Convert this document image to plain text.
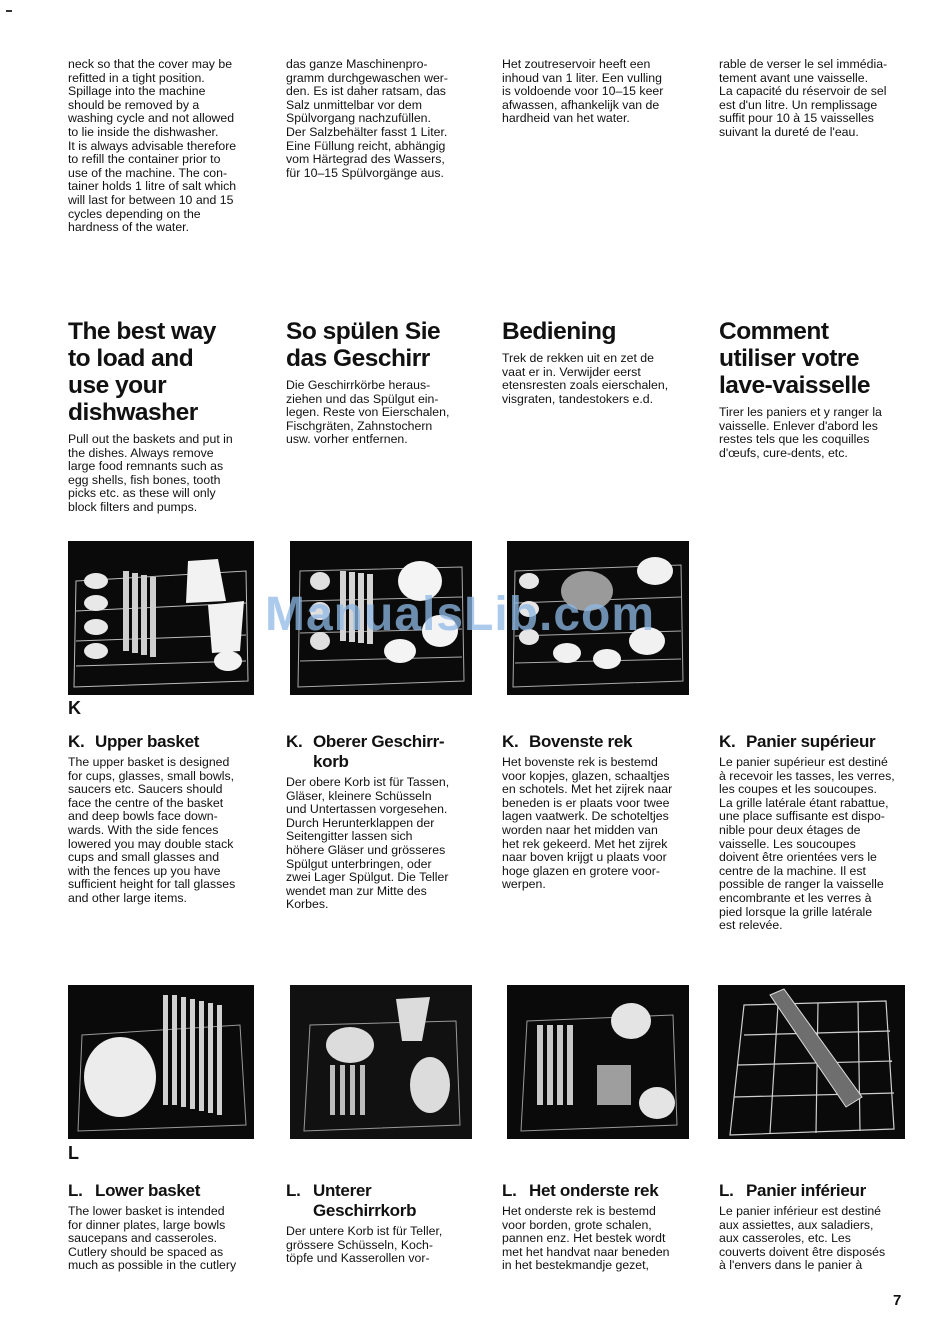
neck so that the cover may be
refitted in a tight position.
Spillage into the machine
should be removed by a
washing cycle and not allowed
to lie inside the dishwasher.
It is always advisable therefore
to refill the container prior to
use of the machine. The con-
tainer holds 1 litre of salt which
will last for between 10 and 15
cycles depending on the
hardness of the water.

das ganze Maschinenpro-
gramm durchgewaschen wer-
den. Es ist daher ratsam, das
Salz unmittelbar vor dem
Spülvorgang nachzufüllen.
Der Salzbehälter fasst 1 Liter.
Eine Füllung reicht, abhängig
vom Härtegrad des Wassers,
für 10–15 Spülvorgänge aus.

Het zoutreservoir heeft een
inhoud van 1 liter. Een vulling
is voldoende voor 10–15 keer
afwassen, afhankelijk van de
hardheid van het water.

rable de verser le sel immédia-
tement avant une vaisselle.
La capacité du réservoir de sel
est d'un litre. Un remplissage
suffit pour 10 à 15 vaisselles
suivant la dureté de l'eau.

The best way
to load and
use your
dishwasher

Pull out the baskets and put in
the dishes. Always remove
large food remnants such as
egg shells, fish bones, tooth
picks etc. as these will only
block filters and pumps.

So spülen Sie
das Geschirr

Die Geschirrkörbe heraus-
ziehen und das Spülgut ein-
legen. Reste von Eierschalen,
Fischgräten, Zahnstochern
usw. vorher entfernen.

Bediening

Trek de rekken uit en zet de
vaat er in. Verwijder eerst
etensresten zoals eierschalen,
visgraten, tandestokers e.d.

Comment
utiliser votre
lave-vaisselle

Tirer les paniers et y ranger la
vaisselle. Enlever d'abord les
restes tels que les coquilles
d'œufs, cure-dents, etc.

K
K. Upper basket

The upper basket is designed
for cups, glasses, small bowls,
saucers etc. Saucers should
face the centre of the basket
and deep bowls face down-
wards. With the side fences
lowered you may double stack
cups and small glasses and
with the fences up you have
sufficient height for tall glasses
and other large items.

K. Oberer Geschirr-
korb

Der obere Korb ist für Tassen,
Gläser, kleinere Schüsseln
und Untertassen vorgesehen.
Durch Herunterklappen der
Seitengitter lassen sich
höhere Gläser und grösseres
Spülgut unterbringen, oder
zwei Lager Spülgut. Die Teller
wendet man zur Mitte des
Korbes.

K. Bovenste rek

Het bovenste rek is bestemd
voor kopjes, glazen, schaaltjes
en schotels. Met het zijrek naar
beneden is er plaats voor twee
lagen vaatwerk. De schoteltjes
worden naar het midden van
het rek gekeerd. Met het zijrek
naar boven krijgt u plaats voor
hoge glazen en grotere voor-
werpen.

K. Panier supérieur

Le panier supérieur est destiné
à recevoir les tasses, les verres,
les coupes et les soucoupes.
La grille latérale étant rabattue,
une place suffisante est dispo-
nible pour deux étages de
vaisselle. Les soucoupes
doivent être orientées vers le
centre de la machine. Il est
possible de ranger la vaisselle
encombrante et les verres à
pied lorsque la grille latérale
est relevée.

L
L. Lower basket

The lower basket is intended
for dinner plates, large bowls
saucepans and casseroles.
Cutlery should be spaced as
much as possible in the cutlery

L. Unterer
Geschirrkorb

Der untere Korb ist für Teller,
grössere Schüsseln, Koch-
töpfe und Kasserollen vor-

L. Het onderste rek

Het onderste rek is bestemd
voor borden, grote schalen,
pannen enz. Het bestek wordt
met het handvat naar beneden
in het bestekmandje gezet,

L. Panier inférieur

Le panier inférieur est destiné
aux assiettes, aux saladiers,
aux casseroles, etc. Les
couverts doivent être disposés
à l'envers dans le panier à

ManualsLib.com
7
